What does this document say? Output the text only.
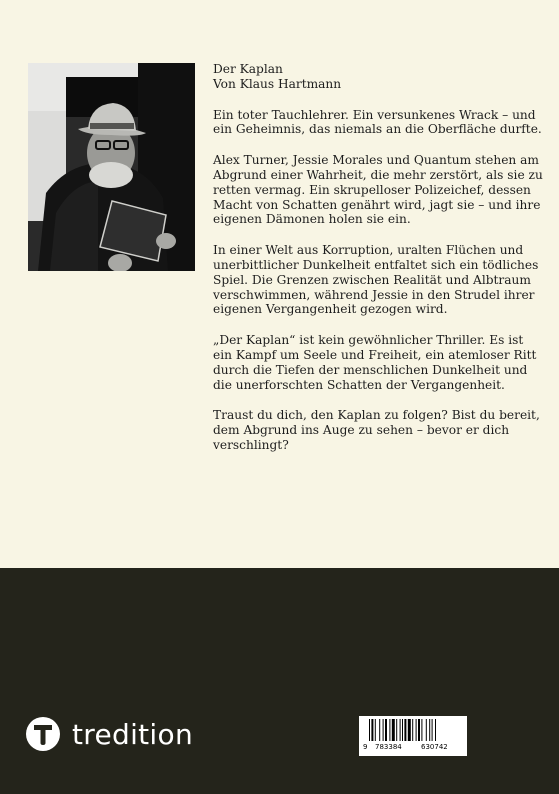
Der Kaplan
Von Klaus Hartmann

Ein toter Tauchlehrer. Ein versunkenes Wrack – und ein Geheimnis, das niemals an die Oberfläche durfte.

Alex Turner, Jessie Morales und Quantum stehen am Abgrund einer Wahrheit, die mehr zerstört, als sie zu retten vermag. Ein skrupelloser Polizeichef, dessen Macht von Schatten genährt wird, jagt sie – und ihre eigenen Dämonen holen sie ein.

In einer Welt aus Korruption, uralten Flüchen und unerbittlicher Dunkelheit entfaltet sich ein tödliches Spiel. Die Grenzen zwischen Realität und Albtraum verschwimmen, während Jessie in den Strudel ihrer eigenen Vergangenheit gezogen wird.

„Der Kaplan“ ist kein gewöhnlicher Thriller. Es ist ein Kampf um Seele und Freiheit, ein atemloser Ritt durch die Tiefen der menschlichen Dunkelheit und die unerforschten Schatten der Vergangenheit.

Traust du dich, den Kaplan zu folgen? Bist du bereit, dem Abgrund ins Auge zu sehen – bevor er dich verschlingt?

tredition	9 783384	630742
